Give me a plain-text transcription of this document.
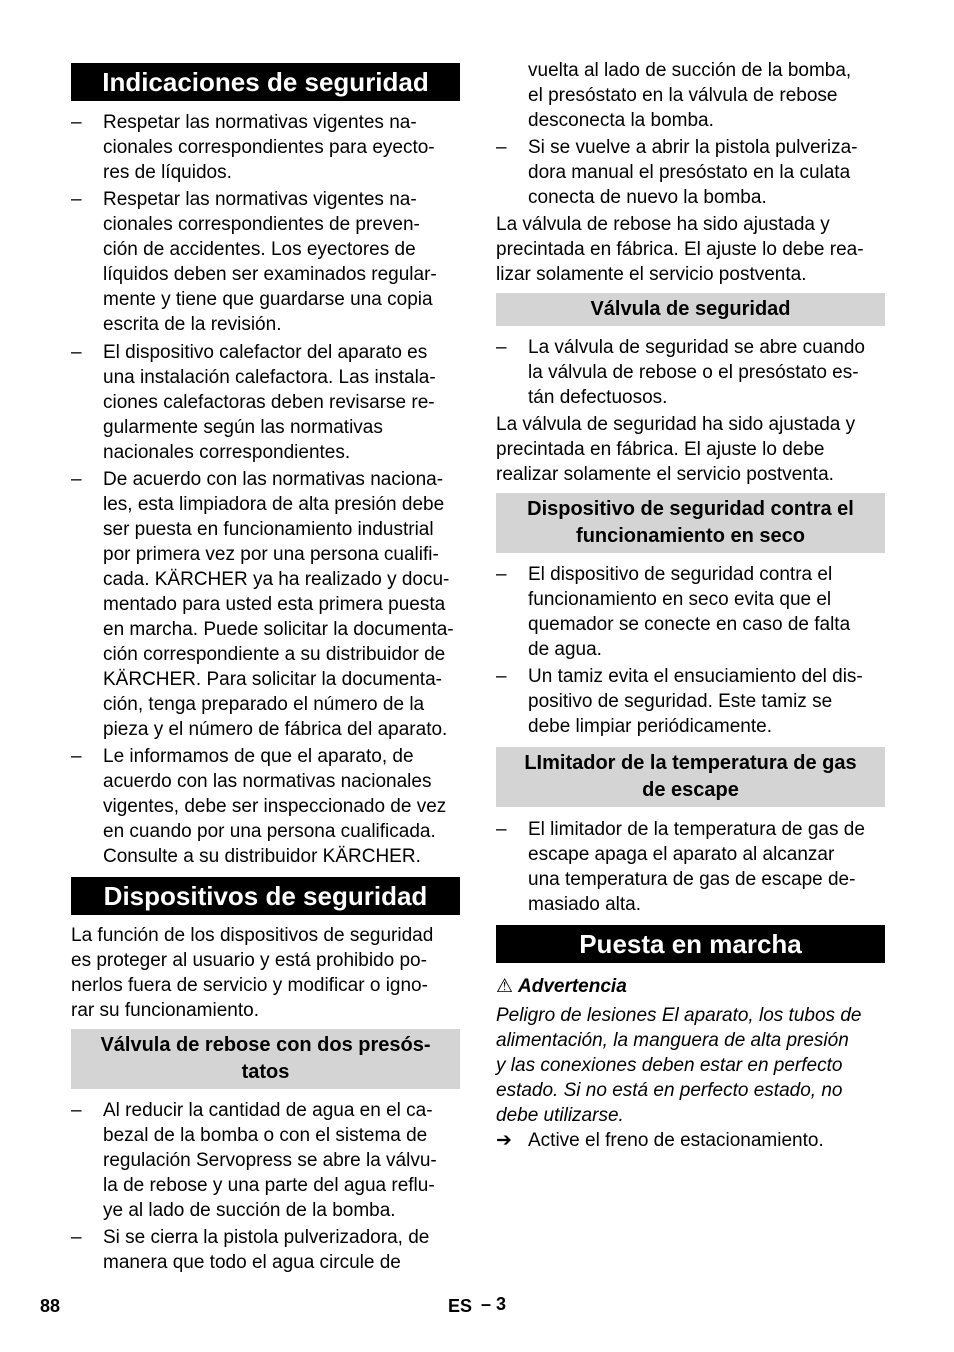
Indicaciones de seguridad
–	Respetar las normativas vigentes na-
cionales correspondientes para eyecto-
res de líquidos.
–	Respetar las normativas vigentes na-
cionales correspondientes de preven-
ción de accidentes. Los eyectores de
líquidos deben ser examinados regular-
mente y tiene que guardarse una copia
escrita de la revisión.
–	El dispositivo calefactor del aparato es
una instalación calefactora. Las instala-
ciones calefactoras deben revisarse re-
gularmente según las normativas
nacionales correspondientes.
–	De acuerdo con las normativas naciona-
les, esta limpiadora de alta presión debe
ser puesta en funcionamiento industrial
por primera vez por una persona cualifi-
cada. KÄRCHER ya ha realizado y docu-
mentado para usted esta primera puesta
en marcha. Puede solicitar la documenta-
ción correspondiente a su distribuidor de
KÄRCHER. Para solicitar la documenta-
ción, tenga preparado el número de la
pieza y el número de fábrica del aparato.
–	Le informamos de que el aparato, de
acuerdo con las normativas nacionales
vigentes, debe ser inspeccionado de vez
en cuando por una persona cualificada.
Consulte a su distribuidor KÄRCHER.
Dispositivos de seguridad
La función de los dispositivos de seguridad
es proteger al usuario y está prohibido po-
nerlos fuera de servicio y modificar o igno-
rar su funcionamiento.
Válvula de rebose con dos presós-
tatos
–	Al reducir la cantidad de agua en el ca-
bezal de la bomba o con el sistema de
regulación Servopress se abre la válvu-
la de rebose y una parte del agua reflu-
ye al lado de succión de la bomba.
–	Si se cierra la pistola pulverizadora, de
manera que todo el agua circule de
vuelta al lado de succión de la bomba,
el presóstato en la válvula de rebose
desconecta la bomba.
–	Si se vuelve a abrir la pistola pulveriza-
dora manual el presóstato en la culata
conecta de nuevo la bomba.
La válvula de rebose ha sido ajustada y
precintada en fábrica. El ajuste lo debe rea-
lizar solamente el servicio postventa.
Válvula de seguridad
–	La válvula de seguridad se abre cuando
la válvula de rebose o el presóstato es-
tán defectuosos.
La válvula de seguridad ha sido ajustada y
precintada en fábrica. El ajuste lo debe
realizar solamente el servicio postventa.
Dispositivo de seguridad contra el
funcionamiento en seco
–	El dispositivo de seguridad contra el
funcionamiento en seco evita que el
quemador se conecte en caso de falta
de agua.
–	Un tamiz evita el ensuciamiento del dis-
positivo de seguridad. Este tamiz se
debe limpiar periódicamente.
LImitador de la temperatura de gas
de escape
–	El limitador de la temperatura de gas de
escape apaga el aparato al alcanzar
una temperatura de gas de escape de-
masiado alta.
Puesta en marcha
⚠ Advertencia
Peligro de lesiones El aparato, los tubos de
alimentación, la manguera de alta presión
y las conexiones deben estar en perfecto
estado. Si no está en perfecto estado, no
debe utilizarse.
➔ Active el freno de estacionamiento.
88	ES – 3
